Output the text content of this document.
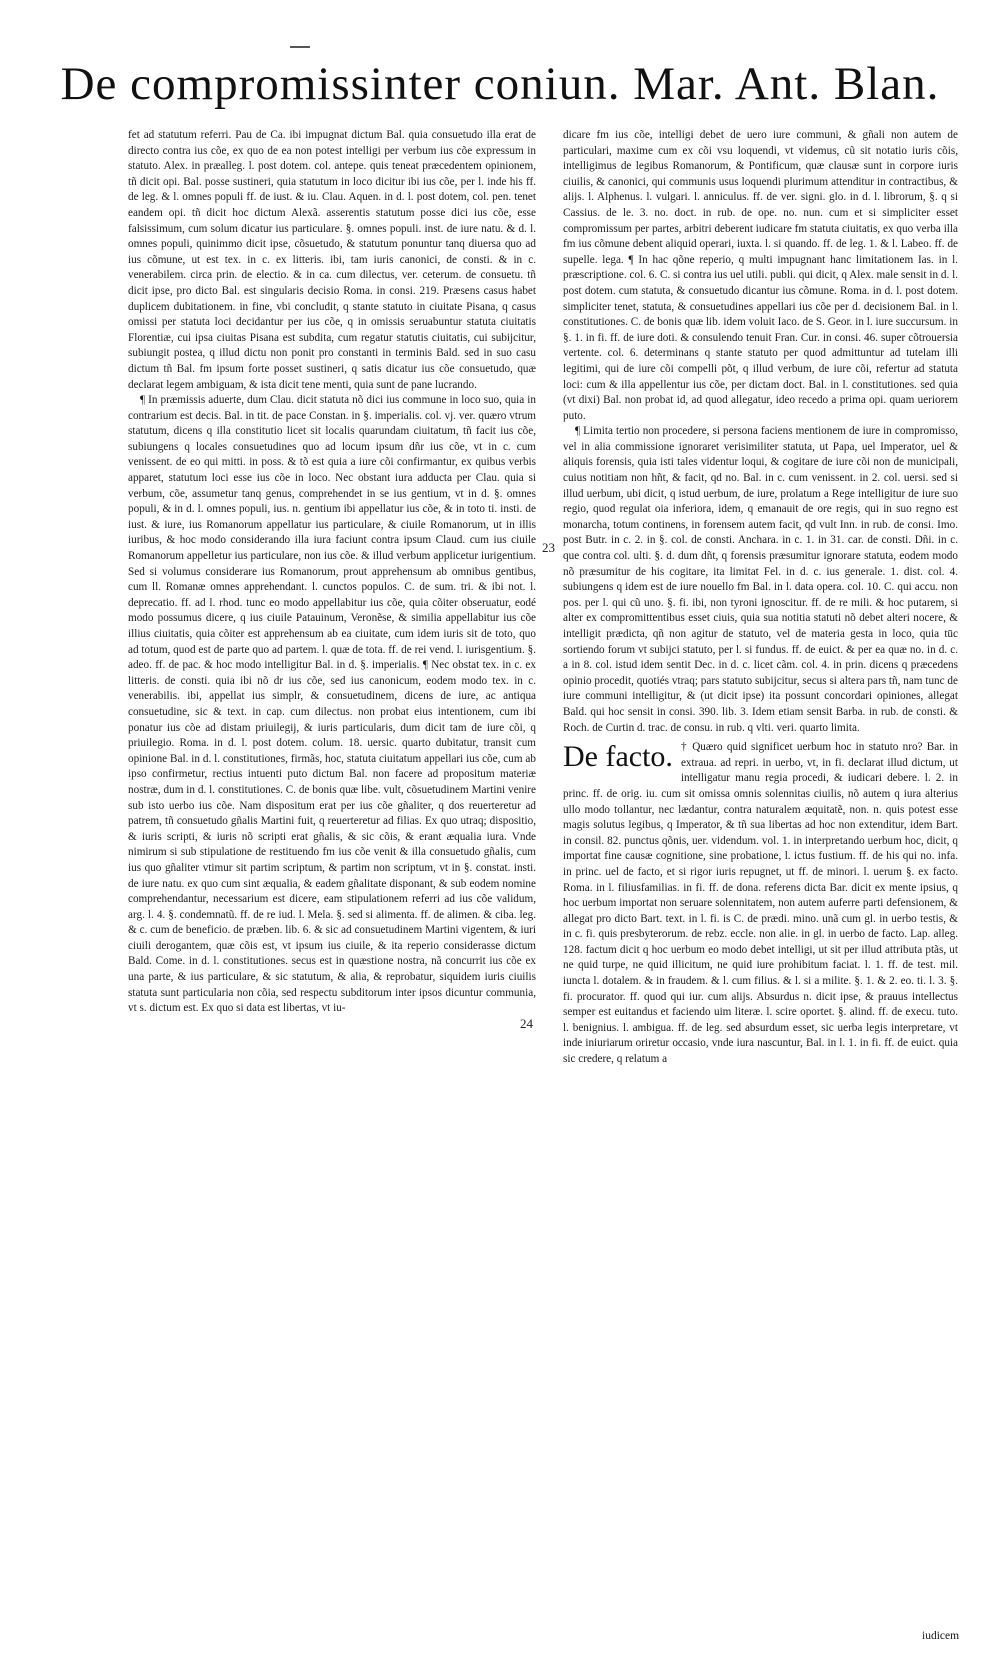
De compromissinter coniun. Mar. Ant. Blan.

fet ad statutum referri. Pau de Ca. ibi impugnat dictum Bal. quia consuetudo illa erat de directo contra ius cõe, ex quo de ea non potest intelligi per verbum ius cõe expressum in statuto. Alex. in præalleg. l. post dotem. col. antepe. quis teneat præcedentem opinionem, tñ dicit opi. Bal. posse sustineri, quia statutum in loco dicitur ibi ius cõe, per l. inde his ff. de leg. & l. omnes populi ff. de iust. & iu. Clau. Aquen. in d. l. post dotem, col. pen. tenet eandem opi. tñ dicit hoc dictum Alexã. asserentis statutum posse dici ius cõe, esse falsissimum, cum solum dicatur ius particulare. §. omnes populi. inst. de iure natu. & d. l. omnes populi, quinimmo dicit ipse, cõsuetudo, & statutum ponuntur tanq diuersa quo ad ius cõmune, ut est tex. in c. ex litteris. ibi, tam iuris canonici, de consti. & in c. venerabilem. circa prin. de electio. & in ca. cum dilectus, ver. ceterum. de consuetu. tñ dicit ipse, pro dicto Bal. est singularis decisio Roma. in consi. 219. Præsens casus habet duplicem dubitationem. in fine, vbi concludit, q stante statuto in ciuitate Pisana, q casus omissi per statuta loci decidantur per ius cõe, q in omissis seruabuntur statuta ciuitatis Florentiæ, cui ipsa ciuitas Pisana est subdita, cum regatur statutis ciuitatis, cui subijcitur, subiungit postea, q illud dictu non ponit pro constanti in terminis Bald. sed in suo casu dictum tñ Bal. fm ipsum forte posset sustineri, q satis dicatur ius cõe consuetudo, quæ declarat legem ambiguam, & ista dicit tene menti, quia sunt de pane lucrando.

¶ In præmissis aduerte, dum Clau. dicit statuta nõ dici ius commune in loco suo, quia in contrarium est decis. Bal. in tit. de pace Constan. in §. imperialis. col. vj. ver. quæro vtrum statutum, dicens q illa constitutio licet sit localis quarundam ciuitatum, tñ facit ius cõe, subiungens q locales consuetudines quo ad locum ipsum dñr ius cõe, vt in c. cum venissent. de eo qui mitti. in poss. & tõ est quia a iure cõi confirmantur, ex quibus verbis apparet, statutum loci esse ius cõe in loco. Nec obstant iura adducta per Clau. quia si verbum, cõe, assumetur tanq genus, comprehendet in se ius gentium, vt in d. §. omnes populi, & in d. l. omnes populi, ius. n. gentium ibi appellatur ius cõe, & in toto ti. insti. de iust. & iure, ius Romanorum appellatur ius particulare, & ciuile Romanorum, ut in illis iuribus, & hoc modo considerando illa iura faciunt contra ipsum Claud. cum ius ciuile Romanorum appelletur ius particulare, non ius cõe. & illud verbum applicetur iurigentium. Sed si volumus considerare ius Romanorum, prout apprehensum ab omnibus gentibus, cum ll. Romanæ omnes apprehendant. l. cunctos populos. C. de sum. tri. & ibi not. l. deprecatio. ff. ad l. rhod. tunc eo modo appellabitur ius cõe, quia cõiter obseruatur, eodé modo possumus dicere, q ius ciuile Patauinum, Veronẽse, & similia appellabitur ius cõe illius ciuitatis, quia cõiter est apprehensum ab ea ciuitate, cum idem iuris sit de toto, quo ad totum, quod est de parte quo ad partem. l. quæ de tota. ff. de rei vend. l. iurisgentium. §. adeo. ff. de pac. & hoc modo intelligitur Bal. in d. §. imperialis. ¶ Nec obstat tex. in c. ex litteris. de consti. quia ibi nõ dr ius cõe, sed ius canonicum, eodem modo tex. in c. venerabilis. ibi, appellat ius simplr, & consuetudinem, dicens de iure, ac antiqua consuetudine, sic & text. in cap. cum dilectus. non probat eius intentionem, cum ibi ponatur ius cõe ad distam priuilegij, & iuris particularis, dum dicit tam de iure cõi, q priuilegio. Roma. in d. l. post dotem. colum. 18. uersic. quarto dubitatur, transit cum opinione Bal. in d. l. constitutiones, firmãs, hoc, statuta ciuitatum appellari ius cõe, cum ab ipso confirmetur, rectius intuenti puto dictum Bal. non facere ad propositum materiæ nostræ, dum in d. l. constitutiones. C. de bonis quæ libe. vult, cõsuetudinem Martini venire sub isto uerbo ius cõe. Nam dispositum erat per ius cõe gñaliter, q dos reuerteretur ad patrem, tñ consuetudo gñalis Martini fuit, q reuerteretur ad filias. Ex quo utraq; dispositio, & iuris scripti, & iuris nõ scripti erat gñalis, & sic cõis, & erant æqualia iura. Vnde nimirum si sub stipulatione de restituendo fm ius cõe venit & illa consuetudo gñalis, cum ius quo gñaliter vtimur sit partim scriptum, & partim non scriptum, vt in §. constat. insti. de iure natu. ex quo cum sint æqualia, & eadem gñalitate disponant, & sub eodem nomine comprehendantur, necessarium est dicere, eam stipulationem referri ad ius cõe validum, arg. l. 4. §. condemnatũ. ff. de re iud. l. Mela. §. sed si alimenta. ff. de alimen. & ciba. leg. & c. cum de beneficio. de præben. lib. 6. & sic ad consuetudinem Martini vigentem, & iuri ciuili derogantem, quæ cõis est, vt ipsum ius ciuile, & ita reperio considerasse dictum Bald. Come. in d. l. constitutiones. secus est in quæstione nostra, nã concurrit ius cõe ex una parte, & ius particulare, & sic statutum, & alia, & reprobatur, siquidem iuris ciuilis statuta sunt particularia non cõia, sed respectu subditorum inter ipsos dicuntur communia, vt s. dictum est. Ex quo si data est libertas, vt iu-

23
24

dicare fm ius cõe, intelligi debet de uero iure communi, & gñali non autem de particulari, maxime cum ex cõi vsu loquendi, vt videmus, cũ sit notatio iuris cõis, intelligimus de legibus Romanorum, & Pontificum, quæ clausæ sunt in corpore iuris ciuilis, & canonici, qui communis usus loquendi plurimum attenditur in contractibus, & alijs. l. Alphenus. l. vulgari. l. anniculus. ff. de ver. signi. glo. in d. l. librorum, §. q si Cassius. de le. 3. no. doct. in rub. de ope. no. nun. cum et si simpliciter esset compromissum per partes, arbitri deberent iudicare fm statuta ciuitatis, ex quo verba illa fm ius cõmune debent aliquid operari, iuxta. l. si quando. ff. de leg. 1. & l. Labeo. ff. de supelle. lega. ¶ In hac qõne reperio, q multi impugnant hanc limitationem Ias. in l. præscriptione. col. 6. C. si contra ius uel utili. publi. qui dicit, q Alex. male sensit in d. l. post dotem. cum statuta, & consuetudo dicantur ius cõmune. Roma. in d. l. post dotem. simpliciter tenet, statuta, & consuetudines appellari ius cõe per d. decisionem Bal. in l. constitutiones. C. de bonis quæ lib. idem voluit Iaco. de S. Geor. in l. iure succursum. in §. 1. in fi. ff. de iure doti. & consulendo tenuit Fran. Cur. in consi. 46. super cõtrouersia vertente. col. 6. determinans q stante statuto per quod admittuntur ad tutelam illi legitimi, qui de iure cõi compelli põt, q illud verbum, de iure cõi, refertur ad statuta loci: cum & illa appellentur ius cõe, per dictam doct. Bal. in l. constitutiones. sed quia (vt dixi) Bal. non probat id, ad quod allegatur, ideo recedo a prima opi. quam ueriorem puto.

¶ Limita tertio non procedere, si persona faciens mentionem de iure in compromisso, vel in alia commissione ignoraret verisimiliter statuta, ut Papa, uel Imperator, uel & aliquis forensis, quia isti tales videntur loqui, & cogitare de iure cõi non de municipali, cuius notitiam non hñt, & facit, qd no. Bal. in c. cum venissent. in 2. col. uersi. sed si illud uerbum, ubi dicit, q istud uerbum, de iure, prolatum a Rege intelligitur de iure suo regio, quod regulat oia inferiora, idem, q emanauit de ore regis, qui in suo regno est monarcha, totum continens, in forensem autem facit, qd vult Inn. in rub. de consi. Imo. post Butr. in c. 2. in §. col. de consti. Anchara. in c. 1. in 31. car. de consti. Dñi. in c. que contra col. ulti. §. d. dum dñt, q forensis præsumitur ignorare statuta, eodem modo nõ præsumitur de his cogitare, ita limitat Fel. in d. c. ius generale. 1. dist. col. 4. subiungens q idem est de iure nouello fm Bal. in l. data opera. col. 10. C. qui accu. non pos. per l. qui cũ uno. §. fi. ibi, non tyroni ignoscitur. ff. de re mili. & hoc putarem, si alter ex compromittentibus esset ciuis, quia sua notitia statuti nõ debet alteri nocere, & intelligit prædicta, qñ non agitur de statuto, vel de materia gesta in loco, quia tūc sortiendo forum vt subijci statuto, per l. si fundus. ff. de euict. & per ea quæ no. in d. c. a in 8. col. istud idem sentit Dec. in d. c. licet cãm. col. 4. in prin. dicens q præcedens opinio procedit, quotiés vtraq; pars statuto subijcitur, secus si altera pars tñ, nam tunc de iure communi intelligitur, & (ut dicit ipse) ita possunt concordari opiniones, allegat Bald. qui hoc sensit in consi. 390. lib. 3. Idem etiam sensit Barba. in rub. de consti. & Roch. de Curtin d. trac. de consu. in rub. q vlti. veri. quarto limita.

De facto. † Quæro quid significet uerbum hoc in statuto nro? Bar. in extraua. ad repri. in uerbo, vt, in fi. declarat illud dictum, ut intelligatur manu regia procedi, & iudicari debere. l. 2. in princ. ff. de orig. iu. cum sit omissa omnis solennitas ciuilis, nõ autem q iura alterius ullo modo tollantur, nec lædantur, contra naturalem æquitatẽ, non. n. quis potest esse magis solutus legibus, q Imperator, & tñ sua libertas ad hoc non extenditur, idem Bart. in consil. 82. punctus qõnis, uer. videndum. vol. 1. in interpretando uerbum hoc, dicit, q importat fine causæ cognitione, sine probatione, l. ictus fustium. ff. de his qui no. infa. in princ. uel de facto, et si rigor iuris repugnet, ut ff. de minori. l. uerum §. ex facto. Roma. in l. filiusfamilias. in fi. ff. de dona. referens dicta Bar. dicit ex mente ipsius, q hoc uerbum importat non seruare solennitatem, non autem auferre parti defensionem, & allegat pro dicto Bart. text. in l. fi. is C. de prædi. mino. unã cum gl. in uerbo testis, & in c. fi. quis presbyterorum. de rebz. eccle. non alie. in gl. in uerbo de facto. Lap. alleg. 128. factum dicit q hoc uerbum eo modo debet intelligi, ut sit per illud attributa ptãs, ut ne quid turpe, ne quid illicitum, ne quid iure prohibitum faciat. l. 1. ff. de test. mil. iuncta l. dotalem. & in fraudem. & l. cum filius. & l. si a milite. §. 1. & 2. eo. ti. l. 3. §. fi. procurator. ff. quod qui iur. cum alijs. Absurdus n. dicit ipse, & prauus intellectus semper est euitandus et faciendo uim literæ. l. scire oportet. §. alind. ff. de execu. tuto. l. benignius. l. ambigua. ff. de leg. sed absurdum esset, sic uerba legis interpretare, vt inde iniuriarum oriretur occasio, vnde iura nascuntur, Bal. in l. 1. in fi. ff. de euict. quia sic credere, q relatum a

iudicem
